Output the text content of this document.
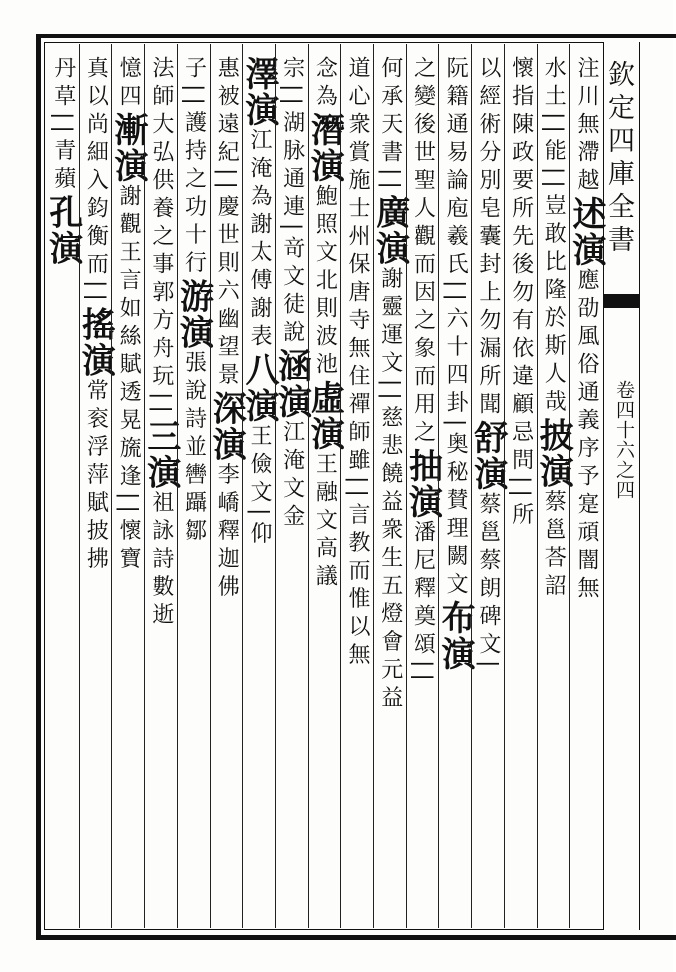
欽定四庫全書
卷四十六之四
注川無滯越述演應劭風俗通義序予寔頑闇無
水土||能||豈敢比隆於斯人哉披演蔡邕荅詔
懷指陳政要所先後勿有依違顧忌問||所
以經術分別皂囊封上勿漏所聞舒演蔡邕蔡朗碑文|
阮籍通易論庖羲氏||六十四卦|奥秘賛理闕文布演
之變後世聖人觀而因之象而用之抽演潘尼釋奠頌||
何承天書||廣演謝靈運文||慈悲饒益衆生五燈會元益
道心衆賞施士州保唐寺無住禪師雖||言教而惟以無
念為潛演鮑照文北則波池虛演王融文高議
宗||湖脉通連|竒文徒說涵演江淹文金
澤演江淹為謝太傅謝表八演王儉文|仰
惠被遠紀||慶世則六幽望景深演李嶠釋迦佛
子||護持之功十行游演張說詩並轡躡鄒
法師大弘供養之事郭方舟玩||三演祖詠詩數逝
憶四漸演謝觀王言如絲賦透晃旒逢||懷寶
真以尚細入鈞衡而||搖演常衮浮萍賦披拂
丹草||青蘋孔演
